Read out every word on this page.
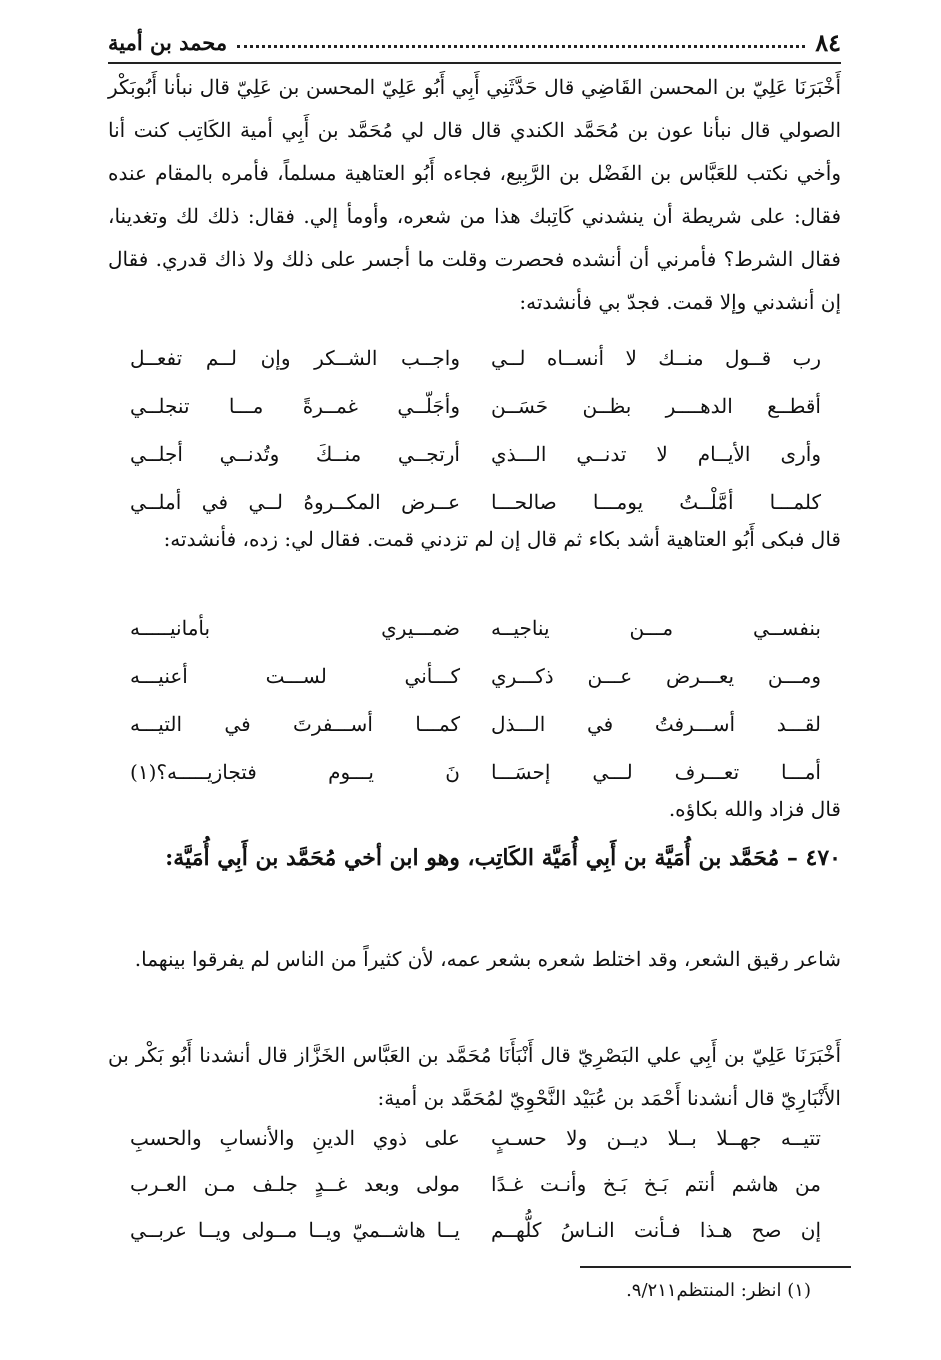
٨٤
محمد بن أمية
أَخْبَرَنَا عَلِيّ بن المحسن القَاضِي قال حَدَّثَنِي أَبِي أَبُو عَلِيّ المحسن بن عَلِيّ قال نبأنا أَبُوبَكْر الصولي قال نبأنا عون بن مُحَمَّد الكندي قال قال لي مُحَمَّد بن أَبِي أمية الكَاتِب كنت أنا وأخي نكتب للعَبَّاس بن الفَضْل بن الرَّبِيع، فجاءه أَبُو العتاهية مسلماً، فأمره بالمقام عنده فقال: على شريطة أن ينشدني كَاتِبك هذا من شعره، وأومأ إلي. فقال: ذلك لك وتغدينا، فقال الشرط؟ فأمرني أن أنشده فحصرت وقلت ما أجسر على ذلك ولا ذاك قدري. فقال إن أنشدني وإلا قمت. فجدّ بي فأنشدته:
رب قــول منــك لا أنســاه لــي
واجــب الشــكر وإن لــم تفعــل
أقطــع الدهــــر بظــن حَسَــن
وأجَلّــي غمــرةً مـــا تنجلــي
وأرى الأيــام لا تدنــي الـــذي
أرتجــي منــكَ وتُدنــي أجلــي
كلمـــا أمَّلْــتُ يومـــا صالحـــا
عــرض المكــروهُ لــي في أملــي
قال فبكى أَبُو العتاهية أشد بكاء ثم قال إن لم تزدني قمت. فقال لي: زده، فأنشدته:
بنفســي مـــن يناجيــه
ضمـــيري بأمانيـــــه
ومـــن يعـــرض عـــن ذكـــري
كـــأني لســـت أعنيـــه
لقـــد أســـرفتُ في الـــذل
كمـــا أســـفرتَ في التيـــه
أمـــا تعـــرف لـــي إحسَـــا
نَ يـــوم فتجازيـــــه؟(١)
قال فزاد والله بكاؤه.
٤٧٠ – مُحَمَّد بن أُمَيَّة بن أَبِي أُمَيَّة الكَاتِب، وهو ابن أخي مُحَمَّد بن أَبِي أُمَيَّة:
شاعر رقيق الشعر، وقد اختلط شعره بشعر عمه، لأن كثيراً من الناس لم يفرقوا بينهما.
أَخْبَرَنَا عَلِيّ بن أَبِي علي البَصْرِيّ قال أَنْبَأَنَا مُحَمَّد بن العَبَّاس الخَزَّاز قال أنشدنا أَبُو بَكْر بن الأَنْبَارِيّ قال أنشدنا أَحْمَد بن عُبَيْد النَّحْوِيّ لمُحَمَّد بن أمية:
تتيــه جهــلا بــلا ديــن ولا حسـبٍ
على ذوي الدينِ والأنسابِ والحسبِ
من هاشم أنتم بَـخ بَـخ وأنـت غـدًا
مولى وبعد غــدٍ جلـف مـن العـرب
إن صح هـذا فـأنت النـاسُ كلُّهــم
يــا هاشــميّ ويــا مــولى ويــا عربــي
(١) انظر: المنتظم٩/٢١١.
